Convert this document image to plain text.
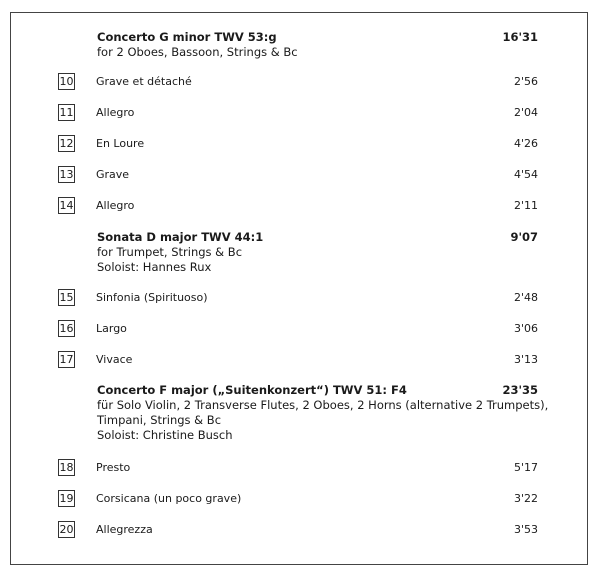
Concerto G minor TWV 53:g
for 2 Oboes, Bassoon, Strings & Bc
16'31
10 Grave et détaché	2'56
11 Allegro	2'04
12 En Loure	4'26
13 Grave	4'54
14 Allegro	2'11
Sonata D major TWV 44:1
for Trumpet, Strings & Bc
Soloist: Hannes Rux
9'07
15 Sinfonia (Spirituoso)	2'48
16 Largo	3'06
17 Vivace	3'13
Concerto F major („Suitenkonzert“) TWV 51: F4
für Solo Violin, 2 Transverse Flutes, 2 Oboes, 2 Horns (alternative 2 Trumpets),
Timpani, Strings & Bc
Soloist: Christine Busch
23'35
18 Presto	5'17
19 Corsicana (un poco grave)	3'22
20 Allegrezza	3'53
